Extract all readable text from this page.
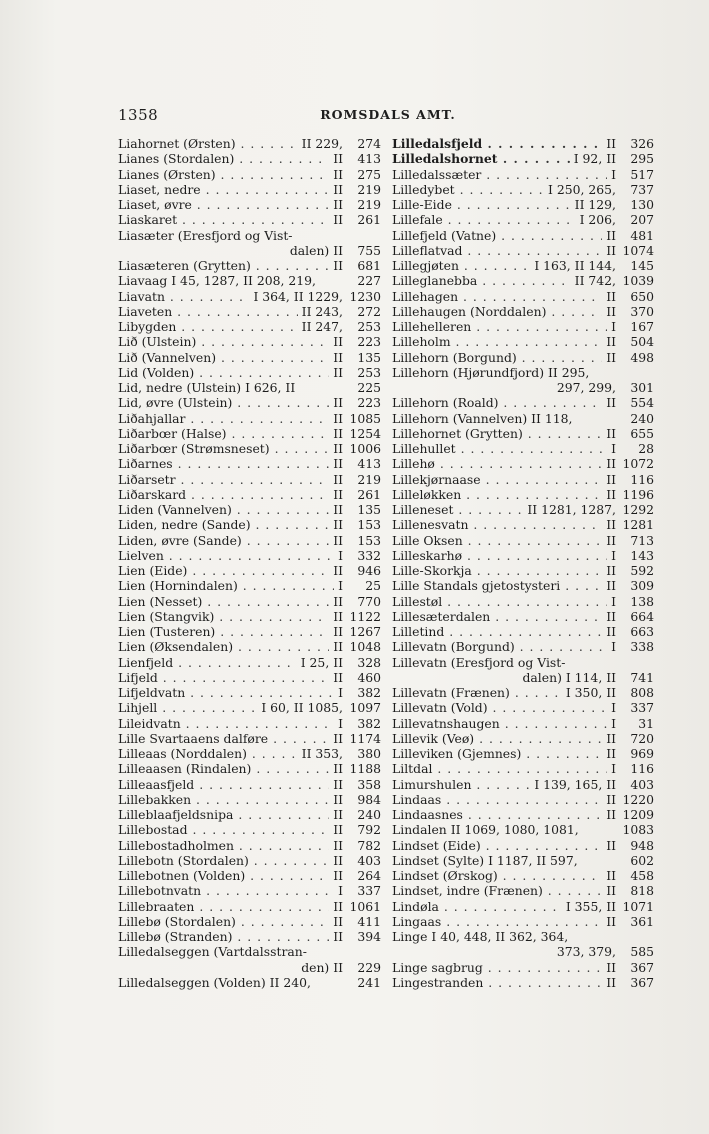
1358	ROMSDALS AMT.
Liahornet (Ørsten) . . .	II 229,	274
Lianes (Stordalen) . . .	II	413
Lianes (Ørsten) . . .	II	275
Liaset, nedre . . .	II	219
Liaset, øvre . . .	II	219
Liaskaret . . .	II	261
Liasæter (Eresfjord og Vist-
dalen) II	755
Liasæteren (Grytten) . . .	II	681
Liavaag I 45, 1287, II 208, 219,	227
Liavatn . . .	I 364, II 1229, 1230
Liaveten . . .	II 243,	272
Libygden . . .	II 247,	253
Lið (Ulstein) . . .	II	223
Lið (Vannelven) . . .	II	135
Lid (Volden) . . .	II	253
Lid, nedre (Ulstein) I 626, II	225
Lid, øvre (Ulstein) . . .	II	223
Liðahjallar . . .	II 1085
Liðarbœr (Halse) . . .	II 1254
Liðarbœr (Strømsneset) . . .	II 1006
Liðarnes . . .	II	413
Liðarsetr . . .	II	219
Liðarskard . . .	II	261
Liden (Vannelven) . . .	II	135
Liden, nedre (Sande) . . .	II	153
Liden, øvre (Sande) . . .	II	153
Lielven . . .	I	332
Lien (Eide) . . .	II	946
Lien (Hornindalen) . . .	I	25
Lien (Nesset) . . .	II	770
Lien (Stangvik) . . .	II 1122
Lien (Tusteren) . . .	II 1267
Lien (Øksendalen) . . .	II 1048
Lienfjeld . . .	I 25, II	328
Lifjeld . . .	II	460
Lifjeldvatn . . .	I	382
Lihjell . . .	I 60, II 1085, 1097
Lileidvatn . . .	I	382
Lille Svartaaens dalføre . . .	II 1174
Lilleaas (Norddalen) . . .	II 353,	380
Lilleaasen (Rindalen) . . .	II 1188
Lilleaasfjeld . . .	II	358
Lillebakken . . .	II	984
Lilleblaafjeldsnipa . . .	II	240
Lillebostad . . .	II	792
Lillebostadholmen . . .	II	782
Lillebotn (Stordalen) . . .	II	403
Lillebotnen (Volden) . . .	II	264
Lillebotnvatn . . .	I	337
Lillebraaten . . .	II 1061
Lillebø (Stordalen) . . .	II	411
Lillebø (Stranden) . . .	II	394
Lilledalseggen (Vartdalsstran-
den) II	229
Lilledalseggen (Volden) II 240,	241
Lilledalsfjeld . . .	II	326
Lilledalshornet . . .	I 92, II	295
Lilledalssæter . . .	I	517
Lilledybet . . .	I 250, 265,	737
Lille-Eide . . .	II 129,	130
Lillefale . . .	I 206,	207
Lillefjeld (Vatne) . . .	II	481
Lilleflatvad . . .	II 1074
Lillegjøten . . .	I 163, II 144,	145
Lilleglanebba . . .	II 742, 1039
Lillehagen . . .	II	650
Lillehaugen (Norddalen) . . .	II	370
Lillehelleren . . .	I	167
Lilleholm . . .	II	504
Lillehorn (Borgund) . . .	II	498
Lillehorn (Hjørundfjord) II 295,
297, 299,	301
Lillehorn (Roald) . . .	II	554
Lillehorn (Vannelven) II 118,	240
Lillehornet (Grytten) . . .	II	655
Lillehullet . . .	I	28
Lillehø . . .	II 1072
Lillekjørnaase . . .	II	116
Lilleløkken . . .	II 1196
Lilleneset . . .	II 1281, 1287, 1292
Lillenesvatn . . .	II 1281
Lille Oksen . . .	II	713
Lilleskarhø . . .	I	143
Lille-Skorkja . . .	II	592
Lille Standals gjetostysteri . . .	II	309
Lillestøl . . .	I	138
Lillesæterdalen . . .	II	664
Lilletind . . .	II	663
Lillevatn (Borgund) . . .	I	338
Lillevatn (Eresfjord og Vist-
dalen) I 114, II	741
Lillevatn (Frænen) . . .	I 350, II	808
Lillevatn (Vold) . . .	I	337
Lillevatnshaugen . . .	I	31
Lillevik (Veø) . . .	II	720
Lilleviken (Gjemnes) . . .	II	969
Liltdal . . .	I	116
Limurshulen . . .	I 139, 165, II	403
Lindaas . . .	II 1220
Lindaasnes . . .	II 1209
Lindalen II 1069, 1080, 1081,	1083
Lindset (Eide) . . .	II	948
Lindset (Sylte) I 1187, II 597,	602
Lindset (Ørskog) . . .	II	458
Lindset, indre (Frænen) . . .	II	818
Lindøla . . .	I 355, II 1071
Lingaas . . .	II	361
Linge I 40, 448, II 362, 364,
373, 379,	585
Linge sagbrug . . .	II	367
Lingestranden . . .	II	367
